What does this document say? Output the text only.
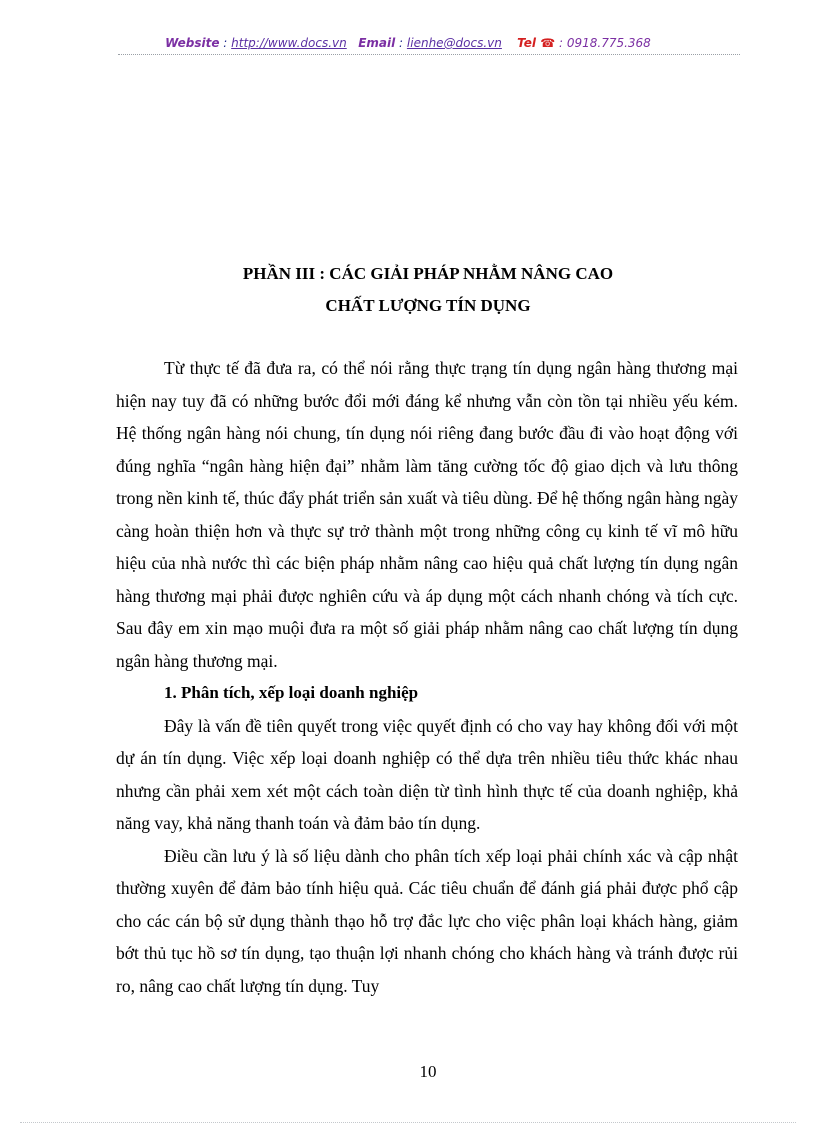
Website : http://www.docs.vn Email : lienhe@docs.vn Tel ☎ : 0918.775.368
PHẦN III : CÁC GIẢI PHÁP NHẰM NÂNG CAO
CHẤT LƯỢNG TÍN DỤNG

Từ thực tế đã đưa ra, có thể nói rằng thực trạng tín dụng ngân hàng thương mại hiện nay tuy đã có những bước đổi mới đáng kể nhưng vẫn còn tồn tại nhiều yếu kém. Hệ thống ngân hàng nói chung, tín dụng nói riêng đang bước đầu đi vào hoạt động với đúng nghĩa “ngân hàng hiện đại” nhằm làm tăng cường tốc độ giao dịch và lưu thông trong nền kinh tế, thúc đẩy phát triển sản xuất và tiêu dùng. Để hệ thống ngân hàng ngày càng hoàn thiện hơn và thực sự trở thành một trong những công cụ kinh tế vĩ mô hữu hiệu của nhà nước thì các biện pháp nhằm nâng cao hiệu quả chất lượng tín dụng ngân hàng thương mại phải được nghiên cứu và áp dụng một cách nhanh chóng và tích cực. Sau đây em xin mạo muội đưa ra một số giải pháp nhằm nâng cao chất lượng tín dụng ngân hàng thương mại.

1. Phân tích, xếp loại doanh nghiệp

Đây là vấn đề tiên quyết trong việc quyết định có cho vay hay không đối với một dự án tín dụng. Việc xếp loại doanh nghiệp có thể dựa trên nhiều tiêu thức khác nhau nhưng cần phải xem xét một cách toàn diện từ tình hình thực tế của doanh nghiệp, khả năng vay, khả năng thanh toán và đảm bảo tín dụng.

Điều cần lưu ý là số liệu dành cho phân tích xếp loại phải chính xác và cập nhật thường xuyên để đảm bảo tính hiệu quả. Các tiêu chuẩn để đánh giá phải được phổ cập cho các cán bộ sử dụng thành thạo hỗ trợ đắc lực cho việc phân loại khách hàng, giảm bớt thủ tục hồ sơ tín dụng, tạo thuận lợi nhanh chóng cho khách hàng và tránh được rủi ro, nâng cao chất lượng tín dụng. Tuy

10
